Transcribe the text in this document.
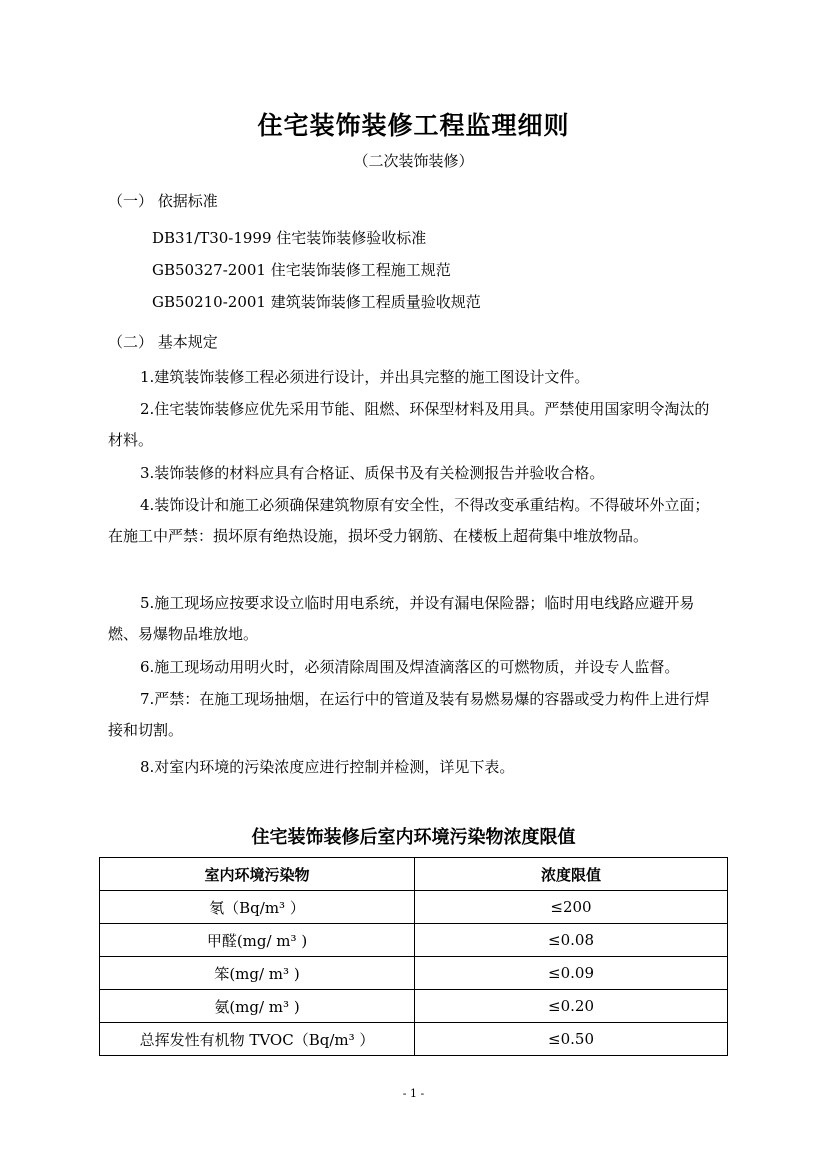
住宅装饰装修工程监理细则
（二次装饰装修）
（一） 依据标准
DB31/T30-1999 住宅装饰装修验收标准
GB50327-2001 住宅装饰装修工程施工规范
GB50210-2001 建筑装饰装修工程质量验收规范
（二） 基本规定
1.建筑装饰装修工程必须进行设计，并出具完整的施工图设计文件。
2.住宅装饰装修应优先采用节能、阻燃、环保型材料及用具。严禁使用国家明令淘汰的材料。
3.装饰装修的材料应具有合格证、质保书及有关检测报告并验收合格。
4.装饰设计和施工必须确保建筑物原有安全性，不得改变承重结构。不得破坏外立面；在施工中严禁：损坏原有绝热设施，损坏受力钢筋、在楼板上超荷集中堆放物品。
5.施工现场应按要求设立临时用电系统，并设有漏电保险器；临时用电线路应避开易燃、易爆物品堆放地。
6.施工现场动用明火时，必须清除周围及焊渣滴落区的可燃物质，并设专人监督。
7.严禁：在施工现场抽烟，在运行中的管道及装有易燃易爆的容器或受力构件上进行焊接和切割。
8.对室内环境的污染浓度应进行控制并检测，详见下表。
住宅装饰装修后室内环境污染物浓度限值
室内环境污染物	浓度限值
氡（Bq/m³ ）	≤200
甲醛(mg/ m³ )	≤0.08
笨(mg/ m³ )	≤0.09
氨(mg/ m³ )	≤0.20
总挥发性有机物 TVOC（Bq/m³ ）	≤0.50
- 1 -
